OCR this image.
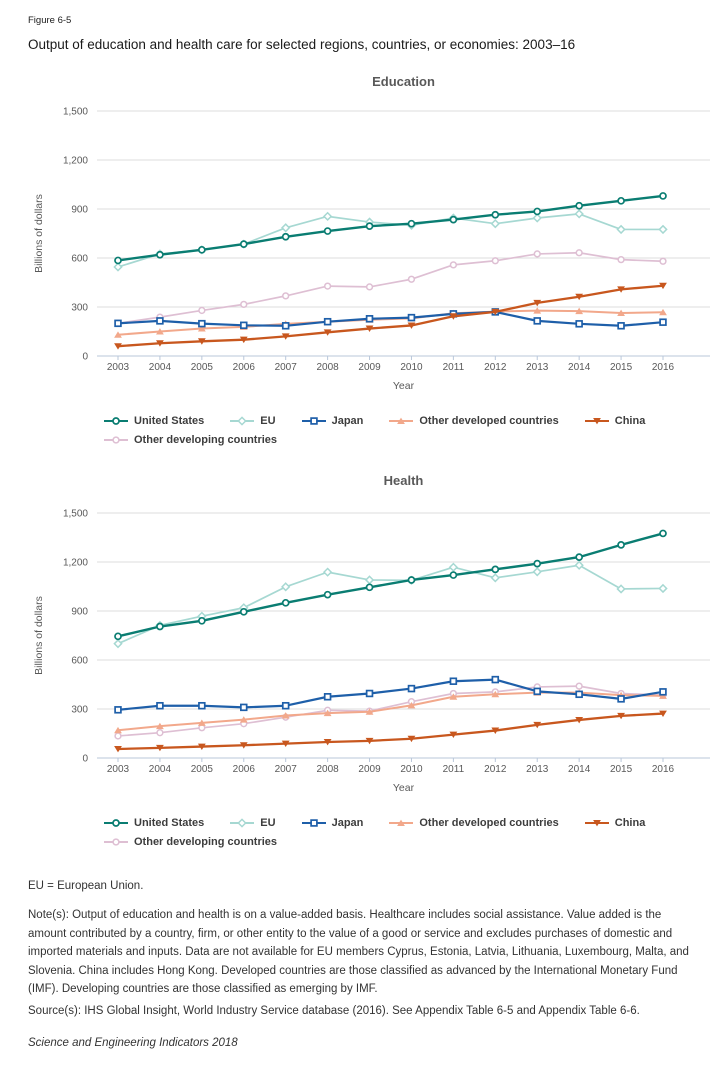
Figure 6-5
Output of education and health care for selected regions, countries, or economies: 2003–16
Education
0
300
600
900
1,200
1,500
2003 2004 2005 2006 2007 2008 2009 2010 2011 2012 2013 2014 2015 2016
Year
Billions of dollars
United States	EU	Japan	Other developed countries	China
Other developing countries
Health
0
300
600
900
1,200
1,500
2003 2004 2005 2006 2007 2008 2009 2010 2011 2012 2013 2014 2015 2016
Year
Billions of dollars
United States	EU	Japan	Other developed countries	China
Other developing countries

EU = European Union.

Note(s): Output of education and health is on a value-added basis. Healthcare includes social assistance. Value added is the amount contributed by a country, firm, or other entity to the value of a good or service and excludes purchases of domestic and imported materials and inputs. Data are not available for EU members Cyprus, Estonia, Latvia, Lithuania, Luxembourg, Malta, and Slovenia. China includes Hong Kong. Developed countries are those classified as advanced by the International Monetary Fund (IMF). Developing countries are those classified as emerging by IMF.

Source(s): IHS Global Insight, World Industry Service database (2016). See Appendix Table 6-5 and Appendix Table 6-6.

Science and Engineering Indicators 2018
